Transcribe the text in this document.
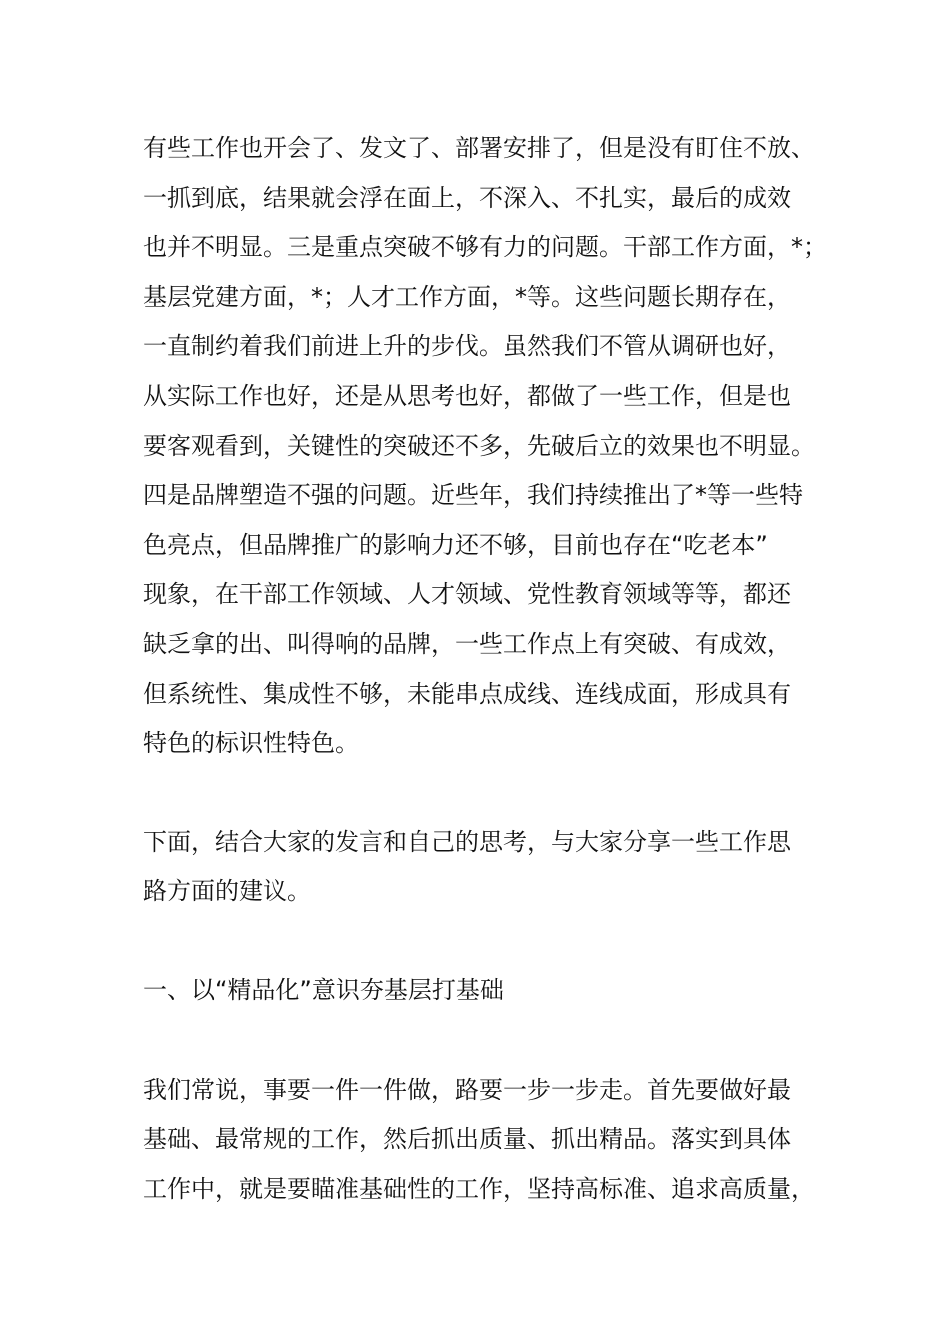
有些工作也开会了、发文了、部署安排了，但是没有盯住不放、
一抓到底，结果就会浮在面上，不深入、不扎实，最后的成效
也并不明显。三是重点突破不够有力的问题。干部工作方面，*；
基层党建方面，*；人才工作方面，*等。这些问题长期存在，
一直制约着我们前进上升的步伐。虽然我们不管从调研也好，
从实际工作也好，还是从思考也好，都做了一些工作，但是也
要客观看到，关键性的突破还不多，先破后立的效果也不明显。
四是品牌塑造不强的问题。近些年，我们持续推出了*等一些特
色亮点，但品牌推广的影响力还不够，目前也存在“吃老本”
现象，在干部工作领域、人才领域、党性教育领域等等，都还
缺乏拿的出、叫得响的品牌，一些工作点上有突破、有成效，
但系统性、集成性不够，未能串点成线、连线成面，形成具有
特色的标识性特色。
下面，结合大家的发言和自己的思考，与大家分享一些工作思
路方面的建议。
一、以“精品化”意识夯基层打基础
我们常说，事要一件一件做，路要一步一步走。首先要做好最
基础、最常规的工作，然后抓出质量、抓出精品。落实到具体
工作中，就是要瞄准基础性的工作，坚持高标准、追求高质量，
